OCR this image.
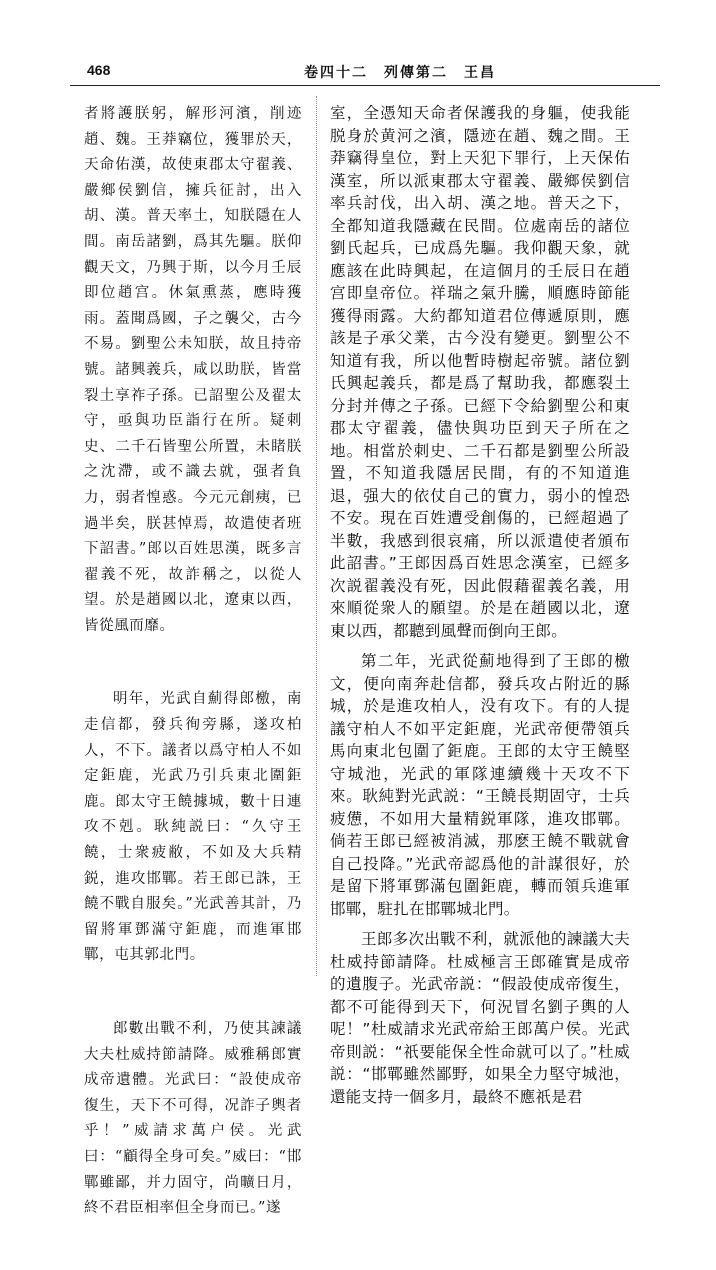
468	卷四十二　列傳第二　王昌

者將護朕躬，解形河濱，削迹趙、魏。王莽竊位，獲罪於天，天命佑漢，故使東郡太守翟義、嚴鄉侯劉信，擁兵征討，出入胡、漢。普天率土，知朕隱在人間。南岳諸劉，爲其先驅。朕仰觀天文，乃興于斯，以今月壬辰即位趙宫。休氣熏蒸，應時獲雨。蓋聞爲國，子之襲父，古今不易。劉聖公未知朕，故且持帝號。諸興義兵，咸以助朕，皆當裂土享祚子孫。已詔聖公及翟太守，亟與功臣詣行在所。疑刺史、二千石皆聖公所置，未睹朕之沈滯，或不識去就，强者負力，弱者惶惑。今元元創痍，已過半矣，朕甚悼焉，故遣使者班下詔書。”郎以百姓思漢，既多言翟義不死，故詐稱之，以從人望。於是趙國以北，遼東以西，皆從風而靡。

明年，光武自薊得郎檄，南走信都，發兵徇旁縣，遂攻柏人，不下。議者以爲守柏人不如定鉅鹿，光武乃引兵東北圍鉅鹿。郎太守王饒據城，數十日連攻不剋。耿純説曰：“久守王饒，士衆疲敝，不如及大兵精鋭，進攻邯鄲。若王郎已誅，王饒不戰自服矣。”光武善其計，乃留將軍鄧滿守鉅鹿，而進軍邯鄲，屯其郭北門。

郎數出戰不利，乃使其諫議大夫杜威持節請降。威雅稱郎實成帝遺體。光武曰：“設使成帝復生，天下不可得，况詐子輿者乎！”威請求萬户侯。光武曰：“顧得全身可矣。”威曰：“邯鄲雖鄙，并力固守，尚曠日月，終不君臣相率但全身而已。”遂

室，全憑知天命者保護我的身軀，使我能脱身於黄河之濱，隱迹在趙、魏之間。王莽竊得皇位，對上天犯下罪行，上天保佑漢室，所以派東郡太守翟義、嚴鄉侯劉信率兵討伐，出入胡、漢之地。普天之下，全都知道我隱藏在民間。位處南岳的諸位劉氏起兵，已成爲先驅。我仰觀天象，就應該在此時興起，在這個月的壬辰日在趙宫即皇帝位。祥瑞之氣升騰，順應時節能獲得雨露。大約都知道君位傳遞原則，應該是子承父業，古今没有變更。劉聖公不知道有我，所以他暫時樹起帝號。諸位劉氏興起義兵，都是爲了幫助我，都應裂土分封并傳之子孫。已經下令給劉聖公和東郡太守翟義，儘快與功臣到天子所在之地。相當於刺史、二千石都是劉聖公所設置，不知道我隱居民間，有的不知道進退，强大的依仗自己的實力，弱小的惶恐不安。現在百姓遭受創傷的，已經超過了半數，我感到很哀痛，所以派遣使者頒布此詔書。”王郎因爲百姓思念漢室，已經多次説翟義没有死，因此假藉翟義名義，用來順從衆人的願望。於是在趙國以北，遼東以西，都聽到風聲而倒向王郎。

第二年，光武從薊地得到了王郎的檄文，便向南奔赴信都，發兵攻占附近的縣城，於是進攻柏人，没有攻下。有的人提議守柏人不如平定鉅鹿，光武帝便帶領兵馬向東北包圍了鉅鹿。王郎的太守王饒堅守城池，光武的軍隊連續幾十天攻不下來。耿純對光武説：“王饒長期固守，士兵疲憊，不如用大量精鋭軍隊，進攻邯鄲。倘若王郎已經被消滅，那麽王饒不戰就會自己投降。”光武帝認爲他的計謀很好，於是留下將軍鄧滿包圍鉅鹿，轉而領兵進軍邯鄲，駐扎在邯鄲城北門。

王郎多次出戰不利，就派他的諫議大夫杜威持節請降。杜威極言王郎確實是成帝的遺腹子。光武帝説：“假設使成帝復生，都不可能得到天下，何況冒名劉子輿的人呢！”杜威請求光武帝給王郎萬户侯。光武帝則説：“祇要能保全性命就可以了。”杜威説：“邯鄲雖然鄙野，如果全力堅守城池，還能支持一個多月，最終不應祇是君
